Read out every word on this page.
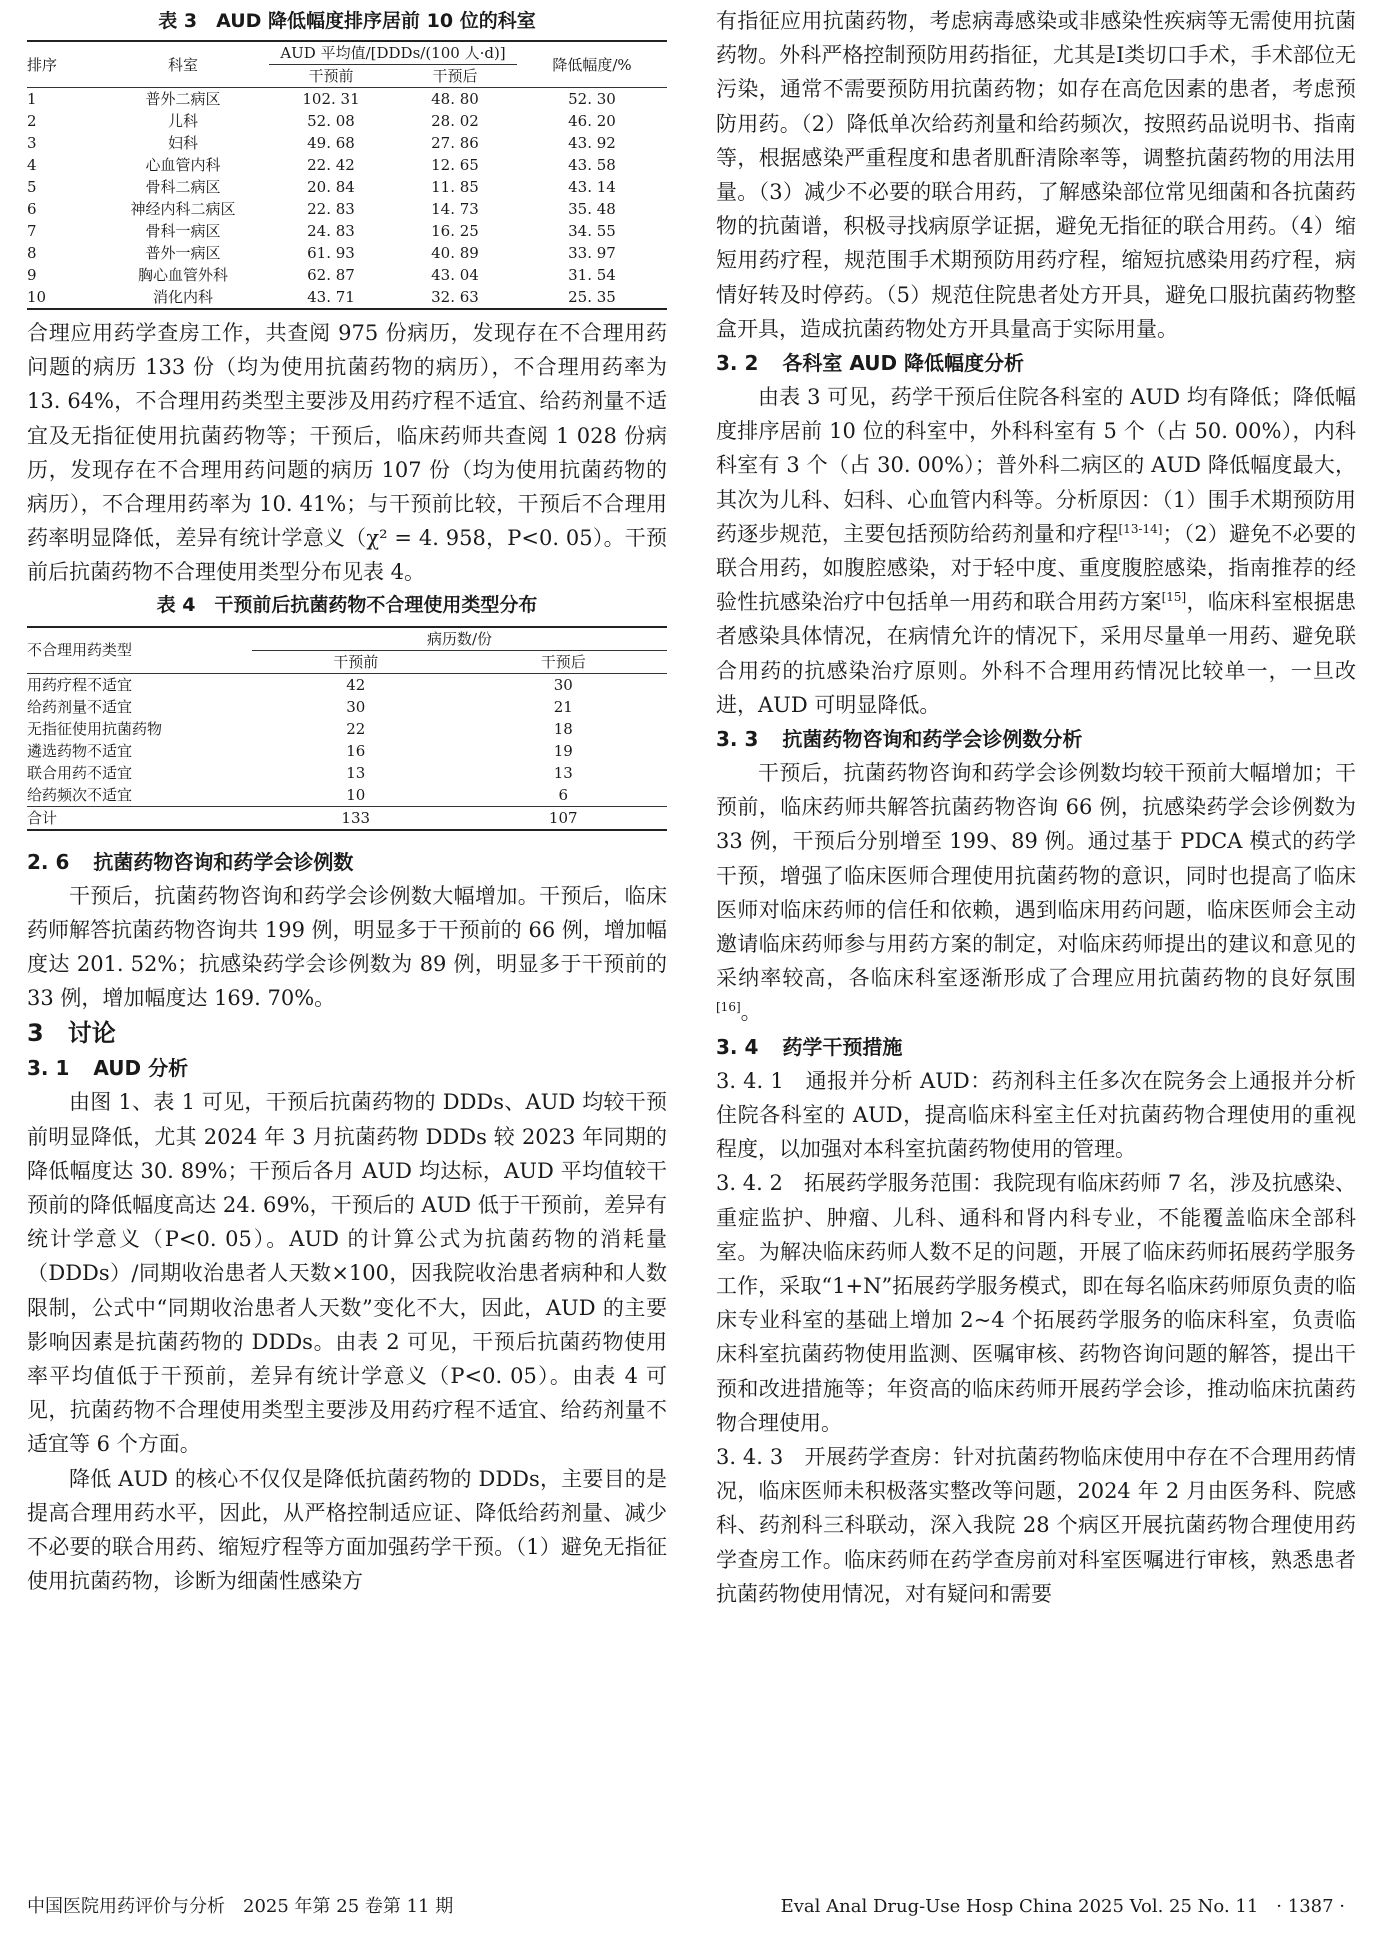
表 3　AUD 降低幅度排序居前 10 位的科室

排序	科室	AUD 平均值/[DDDs/(100 人·d)]		降低幅度/%
		干预前	干预后	

1	普外二病区	102. 31	48. 80	52. 30
2	儿科	52. 08	28. 02	46. 20
3	妇科	49. 68	27. 86	43. 92
4	心血管内科	22. 42	12. 65	43. 58
5	骨科二病区	20. 84	11. 85	43. 14
6	神经内科二病区	22. 83	14. 73	35. 48
7	骨科一病区	24. 83	16. 25	34. 55
8	普外一病区	61. 93	40. 89	33. 97
9	胸心血管外科	62. 87	43. 04	31. 54
10	消化内科	43. 71	32. 63	25. 35

合理应用药学查房工作，共查阅 975 份病历，发现存在不合理用药问题的病历 133 份（均为使用抗菌药物的病历），不合理用药率为 13. 64%，不合理用药类型主要涉及用药疗程不适宜、给药剂量不适宜及无指征使用抗菌药物等；干预后，临床药师共查阅 1 028 份病历，发现存在不合理用药问题的病历 107 份（均为使用抗菌药物的病历），不合理用药率为 10. 41%；与干预前比较，干预后不合理用药率明显降低，差异有统计学意义（χ² = 4. 958，P<0. 05）。干预前后抗菌药物不合理使用类型分布见表 4。

表 4　干预前后抗菌药物不合理使用类型分布

不合理用药类型	病历数/份	
	干预前	干预后

用药疗程不适宜	42	30
给药剂量不适宜	30	21
无指征使用抗菌药物	22	18
遴选药物不适宜	16	19
联合用药不适宜	13	13
给药频次不适宜	10	6
合计	133	107

2. 6 抗菌药物咨询和药学会诊例数

干预后，抗菌药物咨询和药学会诊例数大幅增加。干预后，临床药师解答抗菌药物咨询共 199 例，明显多于干预前的 66 例，增加幅度达 201. 52%；抗感染药学会诊例数为 89 例，明显多于干预前的 33 例，增加幅度达 169. 70%。

3 讨论

3. 1 AUD 分析

由图 1、表 1 可见，干预后抗菌药物的 DDDs、AUD 均较干预前明显降低，尤其 2024 年 3 月抗菌药物 DDDs 较 2023 年同期的降低幅度达 30. 89%；干预后各月 AUD 均达标，AUD 平均值较干预前的降低幅度高达 24. 69%，干预后的 AUD 低于干预前，差异有统计学意义（P<0. 05）。AUD 的计算公式为抗菌药物的消耗量（DDDs）/同期收治患者人天数×100，因我院收治患者病种和人数限制，公式中“同期收治患者人天数”变化不大，因此，AUD 的主要影响因素是抗菌药物的 DDDs。由表 2 可见，干预后抗菌药物使用率平均值低于干预前，差异有统计学意义（P<0. 05）。由表 4 可见，抗菌药物不合理使用类型主要涉及用药疗程不适宜、给药剂量不适宜等 6 个方面。

降低 AUD 的核心不仅仅是降低抗菌药物的 DDDs，主要目的是提高合理用药水平，因此，从严格控制适应证、降低给药剂量、减少不必要的联合用药、缩短疗程等方面加强药学干预。（1）避免无指征使用抗菌药物，诊断为细菌性感染方

有指征应用抗菌药物，考虑病毒感染或非感染性疾病等无需使用抗菌药物。外科严格控制预防用药指征，尤其是Ⅰ类切口手术，手术部位无污染，通常不需要预防用抗菌药物；如存在高危因素的患者，考虑预防用药。（2）降低单次给药剂量和给药频次，按照药品说明书、指南等，根据感染严重程度和患者肌酐清除率等，调整抗菌药物的用法用量。（3）减少不必要的联合用药，了解感染部位常见细菌和各抗菌药物的抗菌谱，积极寻找病原学证据，避免无指征的联合用药。（4）缩短用药疗程，规范围手术期预防用药疗程，缩短抗感染用药疗程，病情好转及时停药。（5）规范住院患者处方开具，避免口服抗菌药物整盒开具，造成抗菌药物处方开具量高于实际用量。

3. 2 各科室 AUD 降低幅度分析

由表 3 可见，药学干预后住院各科室的 AUD 均有降低；降低幅度排序居前 10 位的科室中，外科科室有 5 个（占 50. 00%），内科科室有 3 个（占 30. 00%）；普外科二病区的 AUD 降低幅度最大，其次为儿科、妇科、心血管内科等。分析原因：（1）围手术期预防用药逐步规范，主要包括预防给药剂量和疗程[13-14]；（2）避免不必要的联合用药，如腹腔感染，对于轻中度、重度腹腔感染，指南推荐的经验性抗感染治疗中包括单一用药和联合用药方案[15]，临床科室根据患者感染具体情况，在病情允许的情况下，采用尽量单一用药、避免联合用药的抗感染治疗原则。外科不合理用药情况比较单一，一旦改进，AUD 可明显降低。

3. 3 抗菌药物咨询和药学会诊例数分析

干预后，抗菌药物咨询和药学会诊例数均较干预前大幅增加；干预前，临床药师共解答抗菌药物咨询 66 例，抗感染药学会诊例数为 33 例，干预后分别增至 199、89 例。通过基于 PDCA 模式的药学干预，增强了临床医师合理使用抗菌药物的意识，同时也提高了临床医师对临床药师的信任和依赖，遇到临床用药问题，临床医师会主动邀请临床药师参与用药方案的制定，对临床药师提出的建议和意见的采纳率较高，各临床科室逐渐形成了合理应用抗菌药物的良好氛围[16]。

3. 4 药学干预措施

3. 4. 1　通报并分析 AUD：药剂科主任多次在院务会上通报并分析住院各科室的 AUD，提高临床科室主任对抗菌药物合理使用的重视程度，以加强对本科室抗菌药物使用的管理。

3. 4. 2　拓展药学服务范围：我院现有临床药师 7 名，涉及抗感染、重症监护、肿瘤、儿科、通科和肾内科专业，不能覆盖临床全部科室。为解决临床药师人数不足的问题，开展了临床药师拓展药学服务工作，采取“1+N”拓展药学服务模式，即在每名临床药师原负责的临床专业科室的基础上增加 2~4 个拓展药学服务的临床科室，负责临床科室抗菌药物使用监测、医嘱审核、药物咨询问题的解答，提出干预和改进措施等；年资高的临床药师开展药学会诊，推动临床抗菌药物合理使用。

3. 4. 3　开展药学查房：针对抗菌药物临床使用中存在不合理用药情况，临床医师未积极落实整改等问题，2024 年 2 月由医务科、院感科、药剂科三科联动，深入我院 28 个病区开展抗菌药物合理使用药学查房工作。临床药师在药学查房前对科室医嘱进行审核，熟悉患者抗菌药物使用情况，对有疑问和需要

中国医院用药评价与分析　2025 年第 25 卷第 11 期	Eval Anal Drug-Use Hosp China 2025 Vol. 25 No. 11　· 1387 ·
